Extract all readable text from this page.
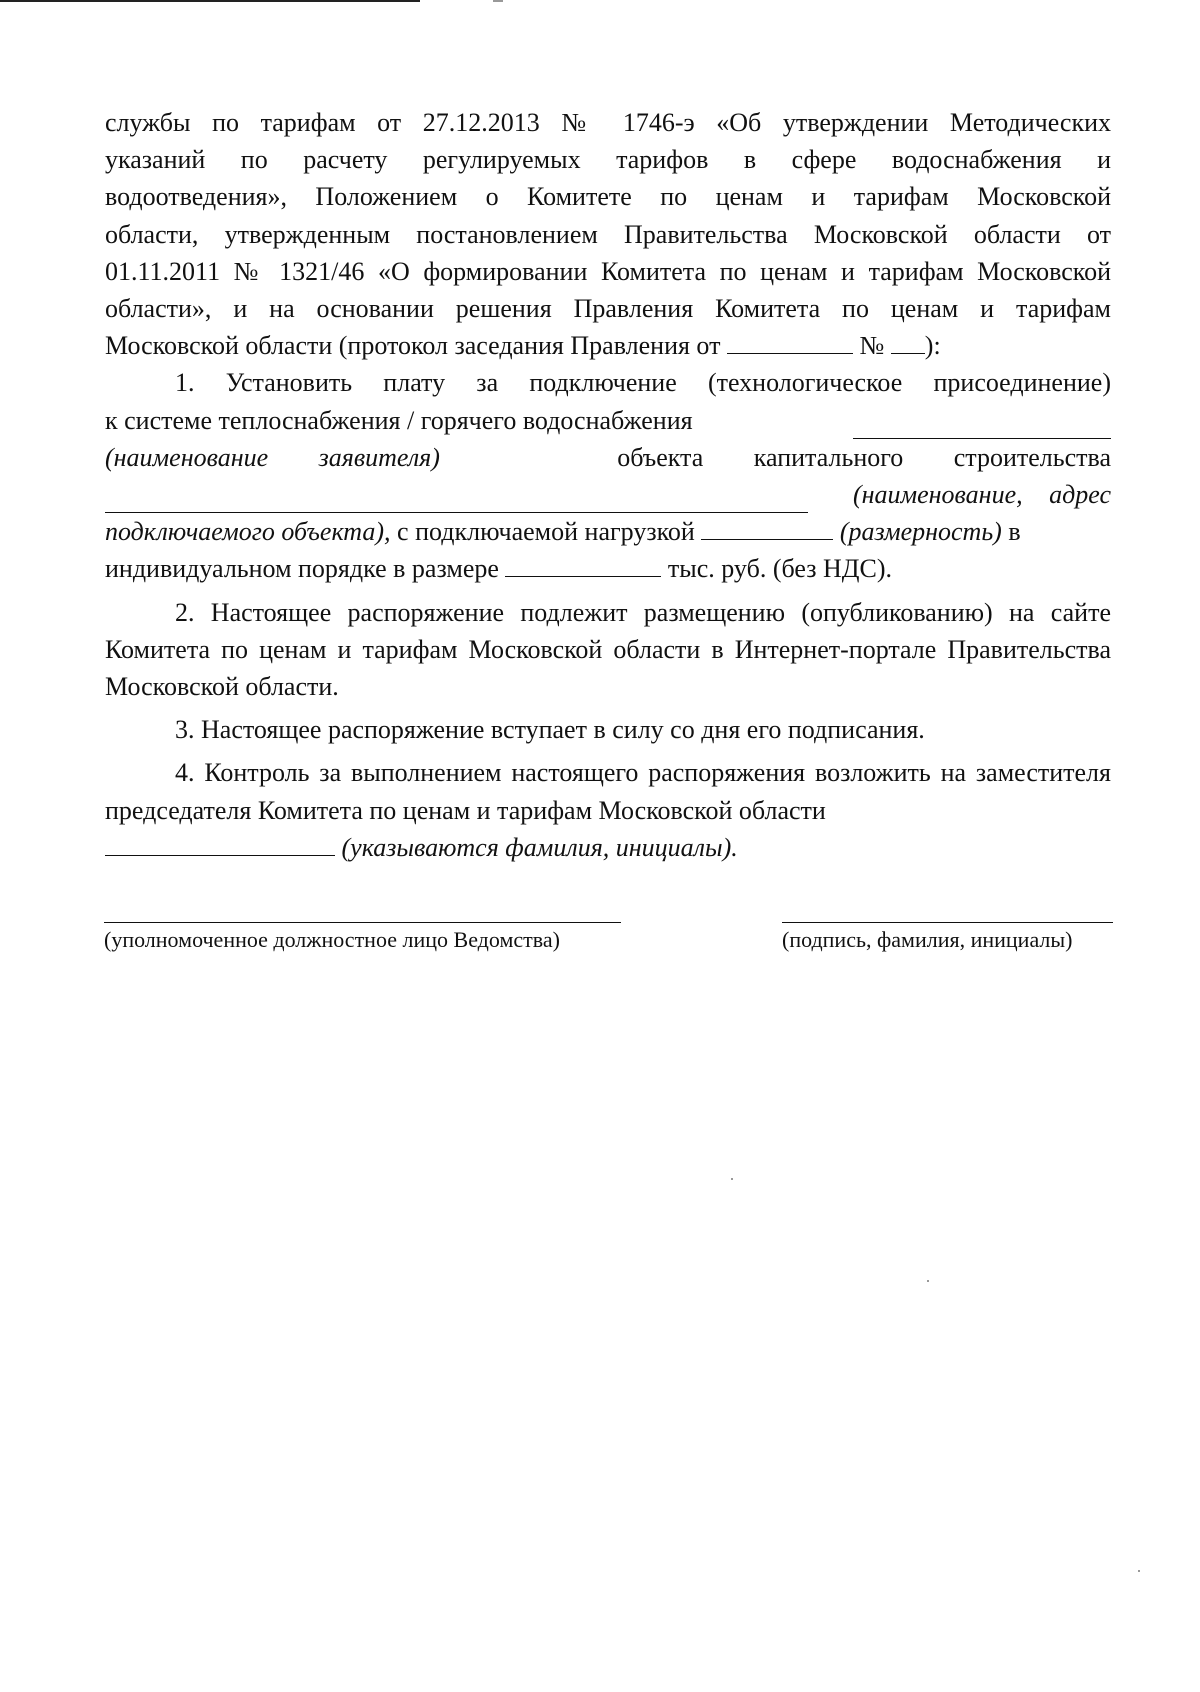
службы по тарифам от 27.12.2013 № 1746-э «Об утверждении Методических

указаний по расчету регулируемых тарифов в сфере водоснабжения и

водоотведения», Положением о Комитете по ценам и тарифам Московской

области, утвержденным постановлением Правительства Московской области от

01.11.2011 № 1321/46 «О формировании Комитета по ценам и тарифам Московской

области», и на основании решения Правления Комитета по ценам и тарифам

Московской области (протокол заседания Правления от	№ ):

1. Установить плату за подключение (технологическое присоединение)

к системе теплоснабжения / горячего водоснабжения

(наименование заявителя)	объекта капитального строительства

(наименование, адрес

подключаемого объекта), с подключаемой нагрузкой	(размерность) в

индивидуальном порядке в размере	тыс. руб. (без НДС).

2. Настоящее распоряжение подлежит размещению (опубликованию) на сайте Комитета по ценам и тарифам Московской области в Интернет-портале Правительства Московской области.

3. Настоящее распоряжение вступает в силу со дня его подписания.

4. Контроль за выполнением настоящего распоряжения возложить на заместителя председателя Комитета по ценам и тарифам Московской области

(указываются фамилия, инициалы).

(уполномоченное должностное лицо Ведомства)	(подпись, фамилия, инициалы)
